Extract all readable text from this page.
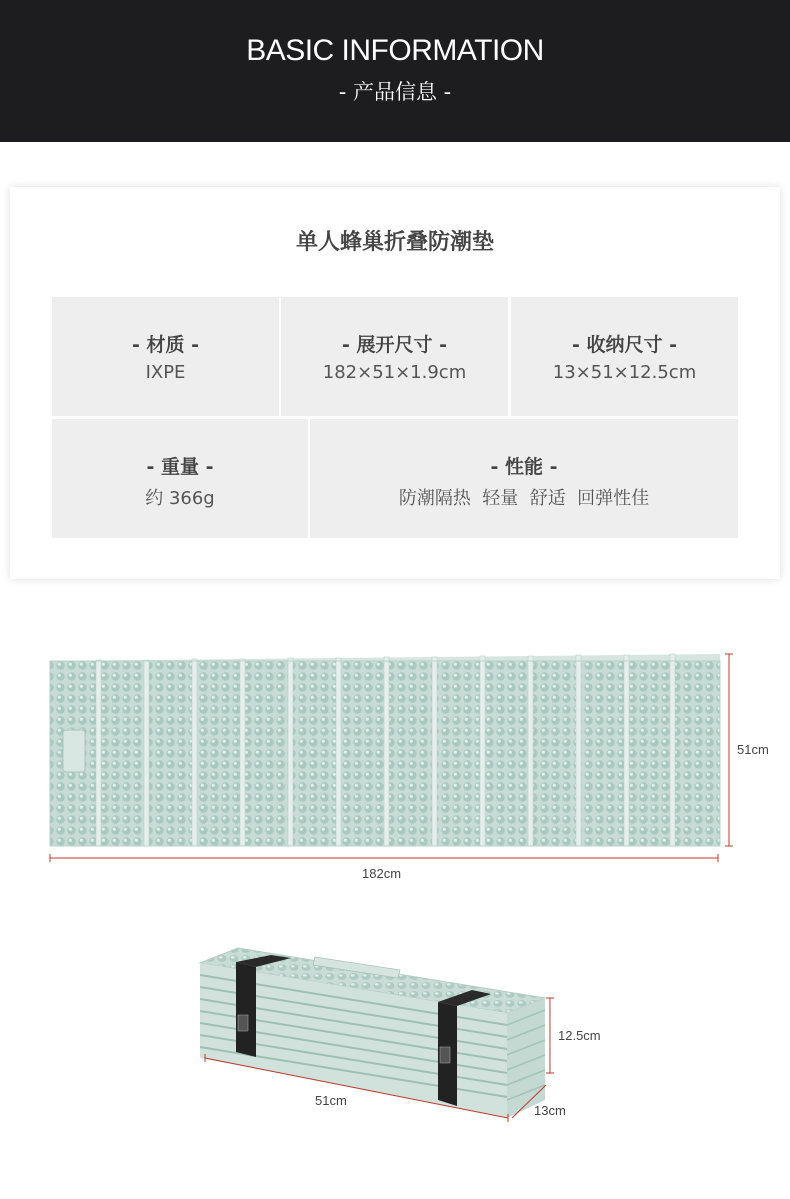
BASIC INFORMATION
- 产品信息 -
单人蜂巢折叠防潮垫
- 材质 -
IXPE
- 展开尺寸 -
182×51×1.9cm
- 收纳尺寸 -
13×51×12.5cm
- 重量 -
约 366g
- 性能 -
防潮隔热  轻量  舒适  回弹性佳
51cm
182cm
12.5cm
51cm
13cm
